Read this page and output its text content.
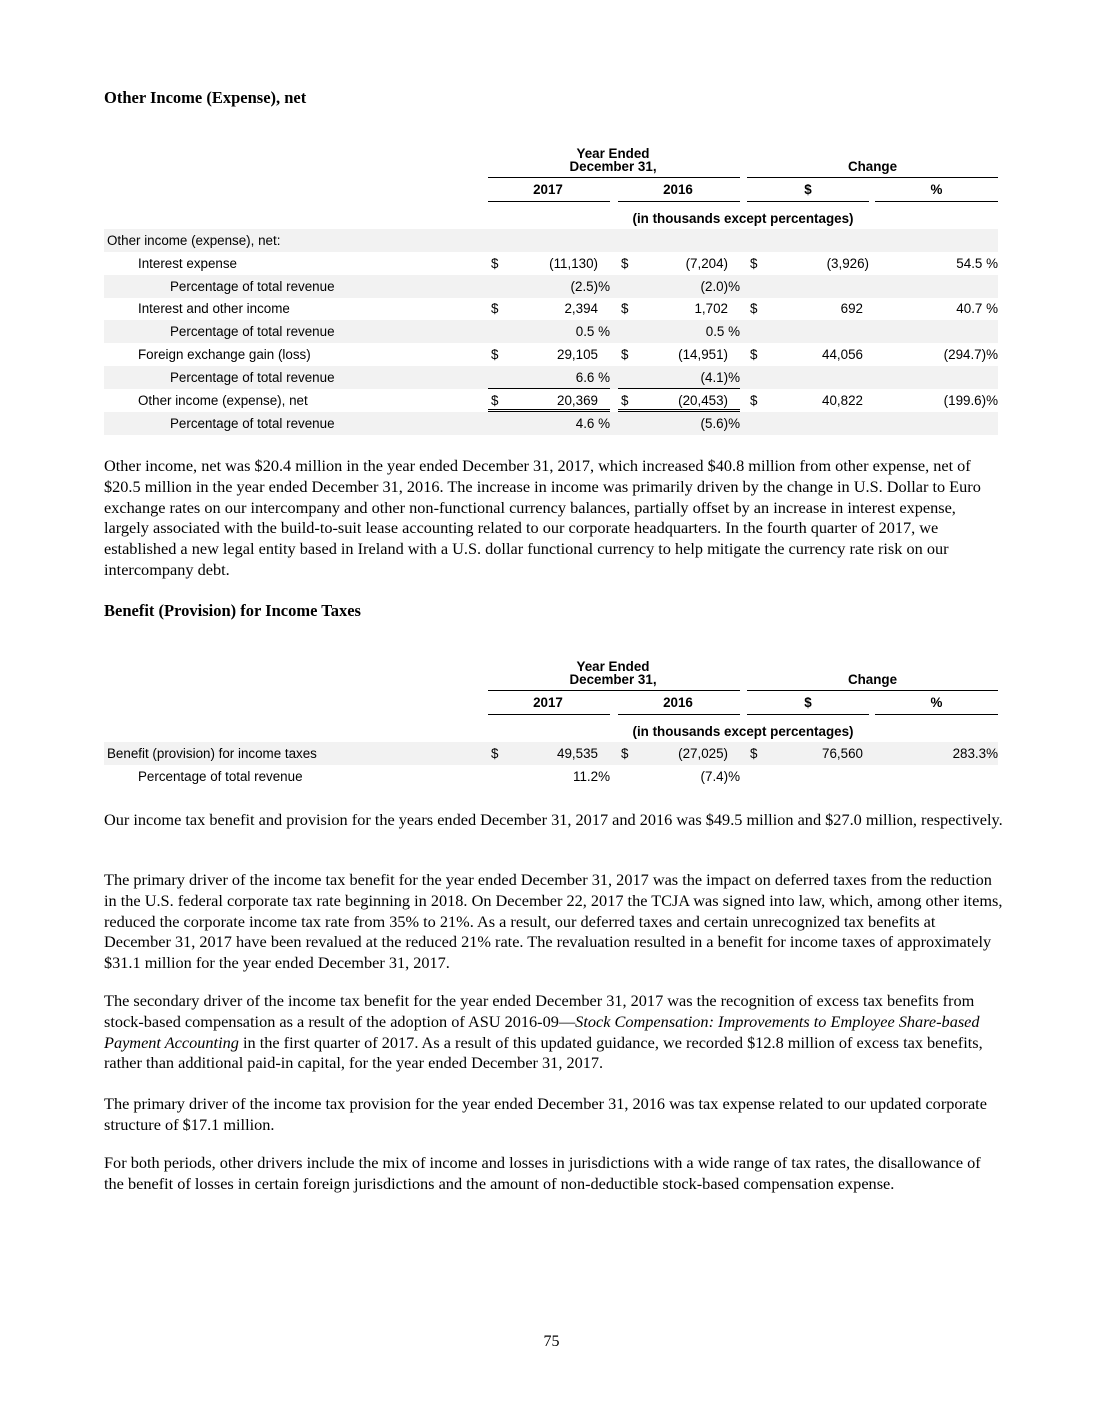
Other Income (Expense), net
Year Ended
December 31,	Change
2017	2016	$	%
(in thousands except percentages)
Other income (expense), net:
Interest expense	$	(11,130) $	(7,204) $	(3,926)	54.5 %
Percentage of total revenue	(2.5)%	(2.0)%
Interest and other income	$	2,394 $	1,702 $	692	40.7 %
Percentage of total revenue	0.5 %	0.5 %
Foreign exchange gain (loss)	$	29,105 $	(14,951) $	44,056	(294.7)%
Percentage of total revenue	6.6 %	(4.1)%
Other income (expense), net	$	20,369 $	(20,453) $	40,822	(199.6)%
Percentage of total revenue	4.6 %	(5.6)%

Other income, net was $20.4 million in the year ended December 31, 2017, which increased $40.8 million from other expense, net of $20.5 million in the year ended December 31, 2016. The increase in income was primarily driven by the change in U.S. Dollar to Euro exchange rates on our intercompany and other non-functional currency balances, partially offset by an increase in interest expense, largely associated with the build-to-suit lease accounting related to our corporate headquarters. In the fourth quarter of 2017, we established a new legal entity based in Ireland with a U.S. dollar functional currency to help mitigate the currency rate risk on our intercompany debt.

Benefit (Provision) for Income Taxes
Year Ended
December 31,	Change
2017	2016	$	%
(in thousands except percentages)
Benefit (provision) for income taxes	$	49,535 $	(27,025) $	76,560	283.3%
Percentage of total revenue	11.2%	(7.4)%

Our income tax benefit and provision for the years ended December 31, 2017 and 2016 was $49.5 million and $27.0 million, respectively.

The primary driver of the income tax benefit for the year ended December 31, 2017 was the impact on deferred taxes from the reduction in the U.S. federal corporate tax rate beginning in 2018. On December 22, 2017 the TCJA was signed into law, which, among other items, reduced the corporate income tax rate from 35% to 21%. As a result, our deferred taxes and certain unrecognized tax benefits at December 31, 2017 have been revalued at the reduced 21% rate. The revaluation resulted in a benefit for income taxes of approximately $31.1 million for the year ended December 31, 2017.

The secondary driver of the income tax benefit for the year ended December 31, 2017 was the recognition of excess tax benefits from stock-based compensation as a result of the adoption of ASU 2016-09—Stock Compensation: Improvements to Employee Share-based Payment Accounting in the first quarter of 2017. As a result of this updated guidance, we recorded $12.8 million of excess tax benefits, rather than additional paid-in capital, for the year ended December 31, 2017.

The primary driver of the income tax provision for the year ended December 31, 2016 was tax expense related to our updated corporate structure of $17.1 million.

For both periods, other drivers include the mix of income and losses in jurisdictions with a wide range of tax rates, the disallowance of the benefit of losses in certain foreign jurisdictions and the amount of non-deductible stock-based compensation expense.

75
